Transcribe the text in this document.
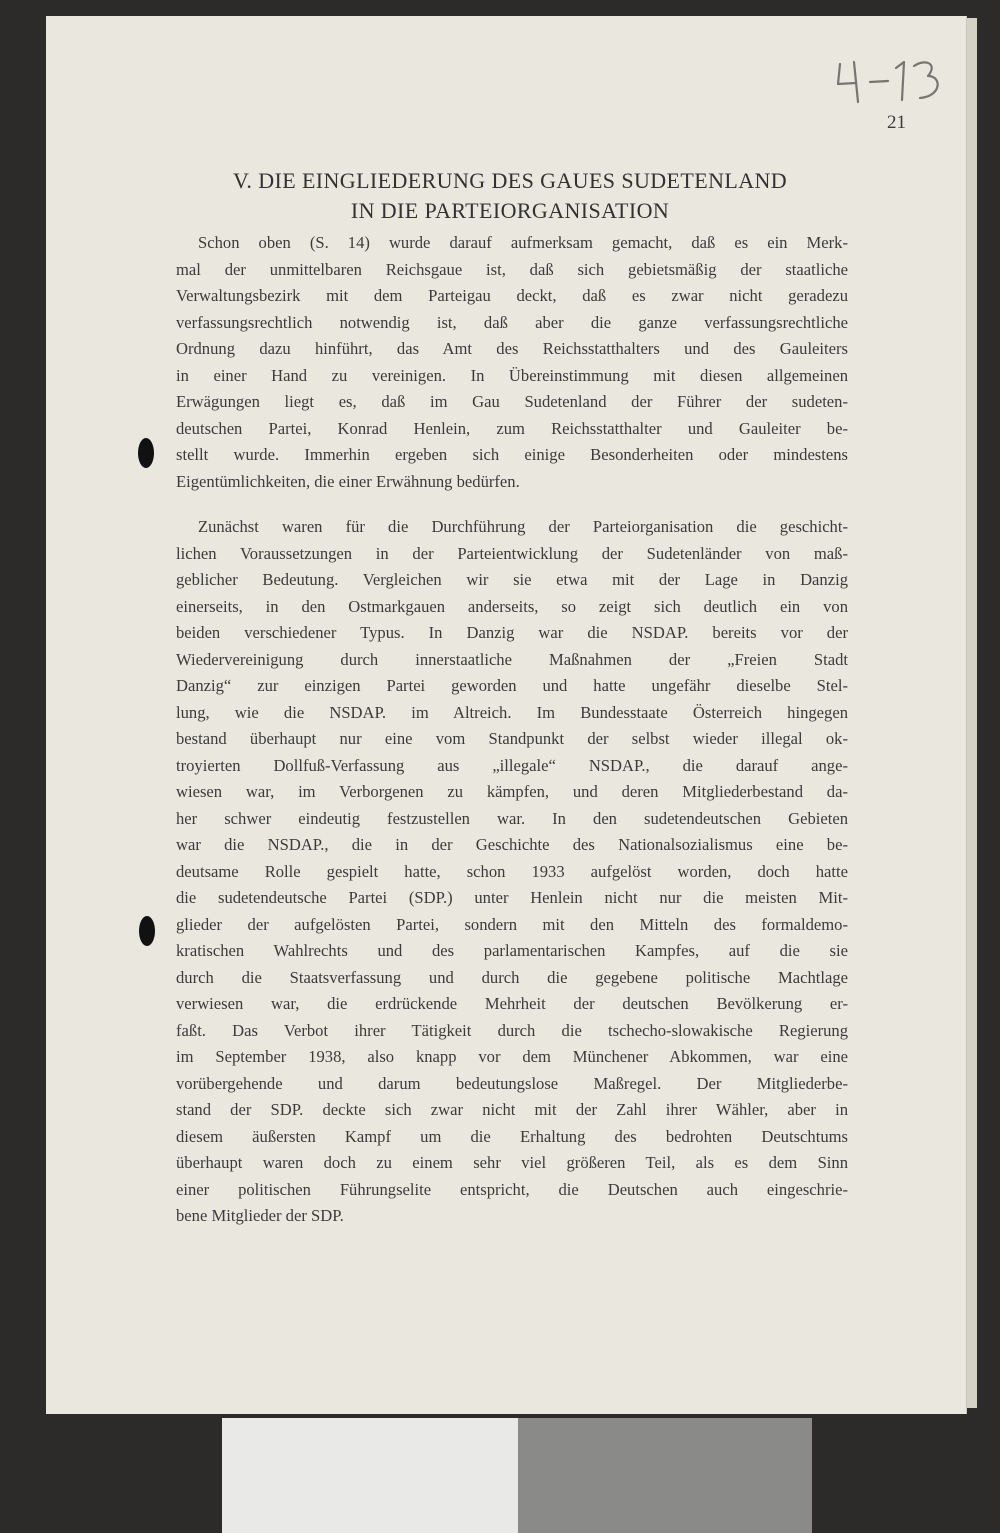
21
V. DIE EINGLIEDERUNG DES GAUES SUDETENLAND
IN DIE PARTEIORGANISATION
Schon oben (S. 14) wurde darauf aufmerksam gemacht, daß es ein Merk-
mal der unmittelbaren Reichsgaue ist, daß sich gebietsmäßig der staatliche
Verwaltungsbezirk mit dem Parteigau deckt, daß es zwar nicht geradezu
verfassungsrechtlich notwendig ist, daß aber die ganze verfassungsrechtliche
Ordnung dazu hinführt, das Amt des Reichsstatthalters und des Gauleiters
in einer Hand zu vereinigen. In Übereinstimmung mit diesen allgemeinen
Erwägungen liegt es, daß im Gau Sudetenland der Führer der sudeten-
deutschen Partei, Konrad Henlein, zum Reichsstatthalter und Gauleiter be-
stellt wurde. Immerhin ergeben sich einige Besonderheiten oder mindestens
Eigentümlichkeiten, die einer Erwähnung bedürfen.
Zunächst waren für die Durchführung der Parteiorganisation die geschicht-
lichen Voraussetzungen in der Parteientwicklung der Sudetenländer von maß-
geblicher Bedeutung. Vergleichen wir sie etwa mit der Lage in Danzig
einerseits, in den Ostmarkgauen anderseits, so zeigt sich deutlich ein von
beiden verschiedener Typus. In Danzig war die NSDAP. bereits vor der
Wiedervereinigung durch innerstaatliche Maßnahmen der „Freien Stadt
Danzig“ zur einzigen Partei geworden und hatte ungefähr dieselbe Stel-
lung, wie die NSDAP. im Altreich. Im Bundesstaate Österreich hingegen
bestand überhaupt nur eine vom Standpunkt der selbst wieder illegal ok-
troyierten Dollfuß-Verfassung aus „illegale“ NSDAP., die darauf ange-
wiesen war, im Verborgenen zu kämpfen, und deren Mitgliederbestand da-
her schwer eindeutig festzustellen war. In den sudetendeutschen Gebieten
war die NSDAP., die in der Geschichte des Nationalsozialismus eine be-
deutsame Rolle gespielt hatte, schon 1933 aufgelöst worden, doch hatte
die sudetendeutsche Partei (SDP.) unter Henlein nicht nur die meisten Mit-
glieder der aufgelösten Partei, sondern mit den Mitteln des formaldemo-
kratischen Wahlrechts und des parlamentarischen Kampfes, auf die sie
durch die Staatsverfassung und durch die gegebene politische Machtlage
verwiesen war, die erdrückende Mehrheit der deutschen Bevölkerung er-
faßt. Das Verbot ihrer Tätigkeit durch die tschecho-slowakische Regierung
im September 1938, also knapp vor dem Münchener Abkommen, war eine
vorübergehende und darum bedeutungslose Maßregel. Der Mitgliederbe-
stand der SDP. deckte sich zwar nicht mit der Zahl ihrer Wähler, aber in
diesem äußersten Kampf um die Erhaltung des bedrohten Deutschtums
überhaupt waren doch zu einem sehr viel größeren Teil, als es dem Sinn
einer politischen Führungselite entspricht, die Deutschen auch eingeschrie-
bene Mitglieder der SDP.
